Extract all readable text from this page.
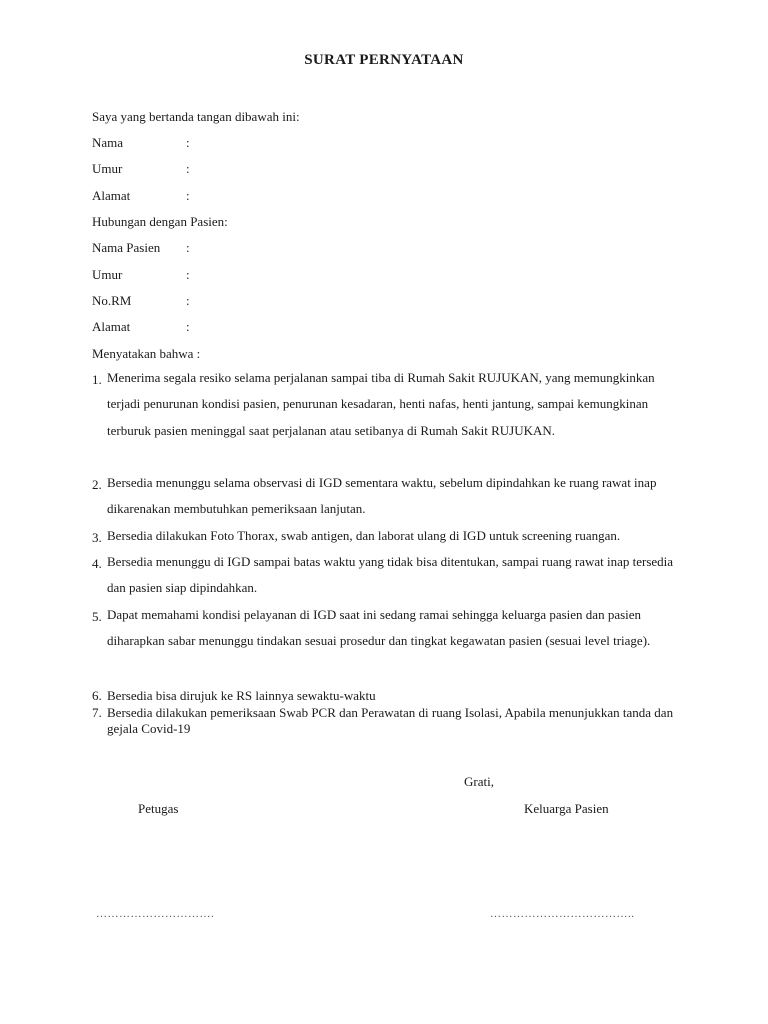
SURAT PERNYATAAN
Saya yang bertanda tangan dibawah ini:
Nama	:
Umur	:
Alamat	:
Hubungan dengan Pasien:
Nama Pasien :
Umur	:
No.RM	:
Alamat	:
Menyatakan bahwa :
1. Menerima segala resiko selama perjalanan sampai tiba di Rumah Sakit RUJUKAN, yang memungkinkan terjadi penurunan kondisi pasien, penurunan kesadaran, henti nafas, henti jantung, sampai kemungkinan terburuk pasien meninggal saat perjalanan atau setibanya di Rumah Sakit RUJUKAN.
2. Bersedia menunggu selama observasi di IGD sementara waktu, sebelum dipindahkan ke ruang rawat inap dikarenakan membutuhkan pemeriksaan lanjutan.
3. Bersedia dilakukan Foto Thorax, swab antigen, dan laborat ulang di IGD untuk screening ruangan.
4. Bersedia menunggu di IGD sampai batas waktu yang tidak bisa ditentukan, sampai ruang rawat inap tersedia dan pasien siap dipindahkan.
5. Dapat memahami kondisi pelayanan di IGD saat ini sedang ramai sehingga keluarga pasien dan pasien diharapkan sabar menunggu tindakan sesuai prosedur dan tingkat kegawatan pasien (sesuai level triage).
6. Bersedia bisa dirujuk ke RS lainnya sewaktu-waktu
7. Bersedia dilakukan pemeriksaan Swab PCR dan Perawatan di ruang Isolasi, Apabila menunjukkan tanda dan gejala Covid-19
Grati,
Petugas	Keluarga Pasien
………………………….	………………………………..
